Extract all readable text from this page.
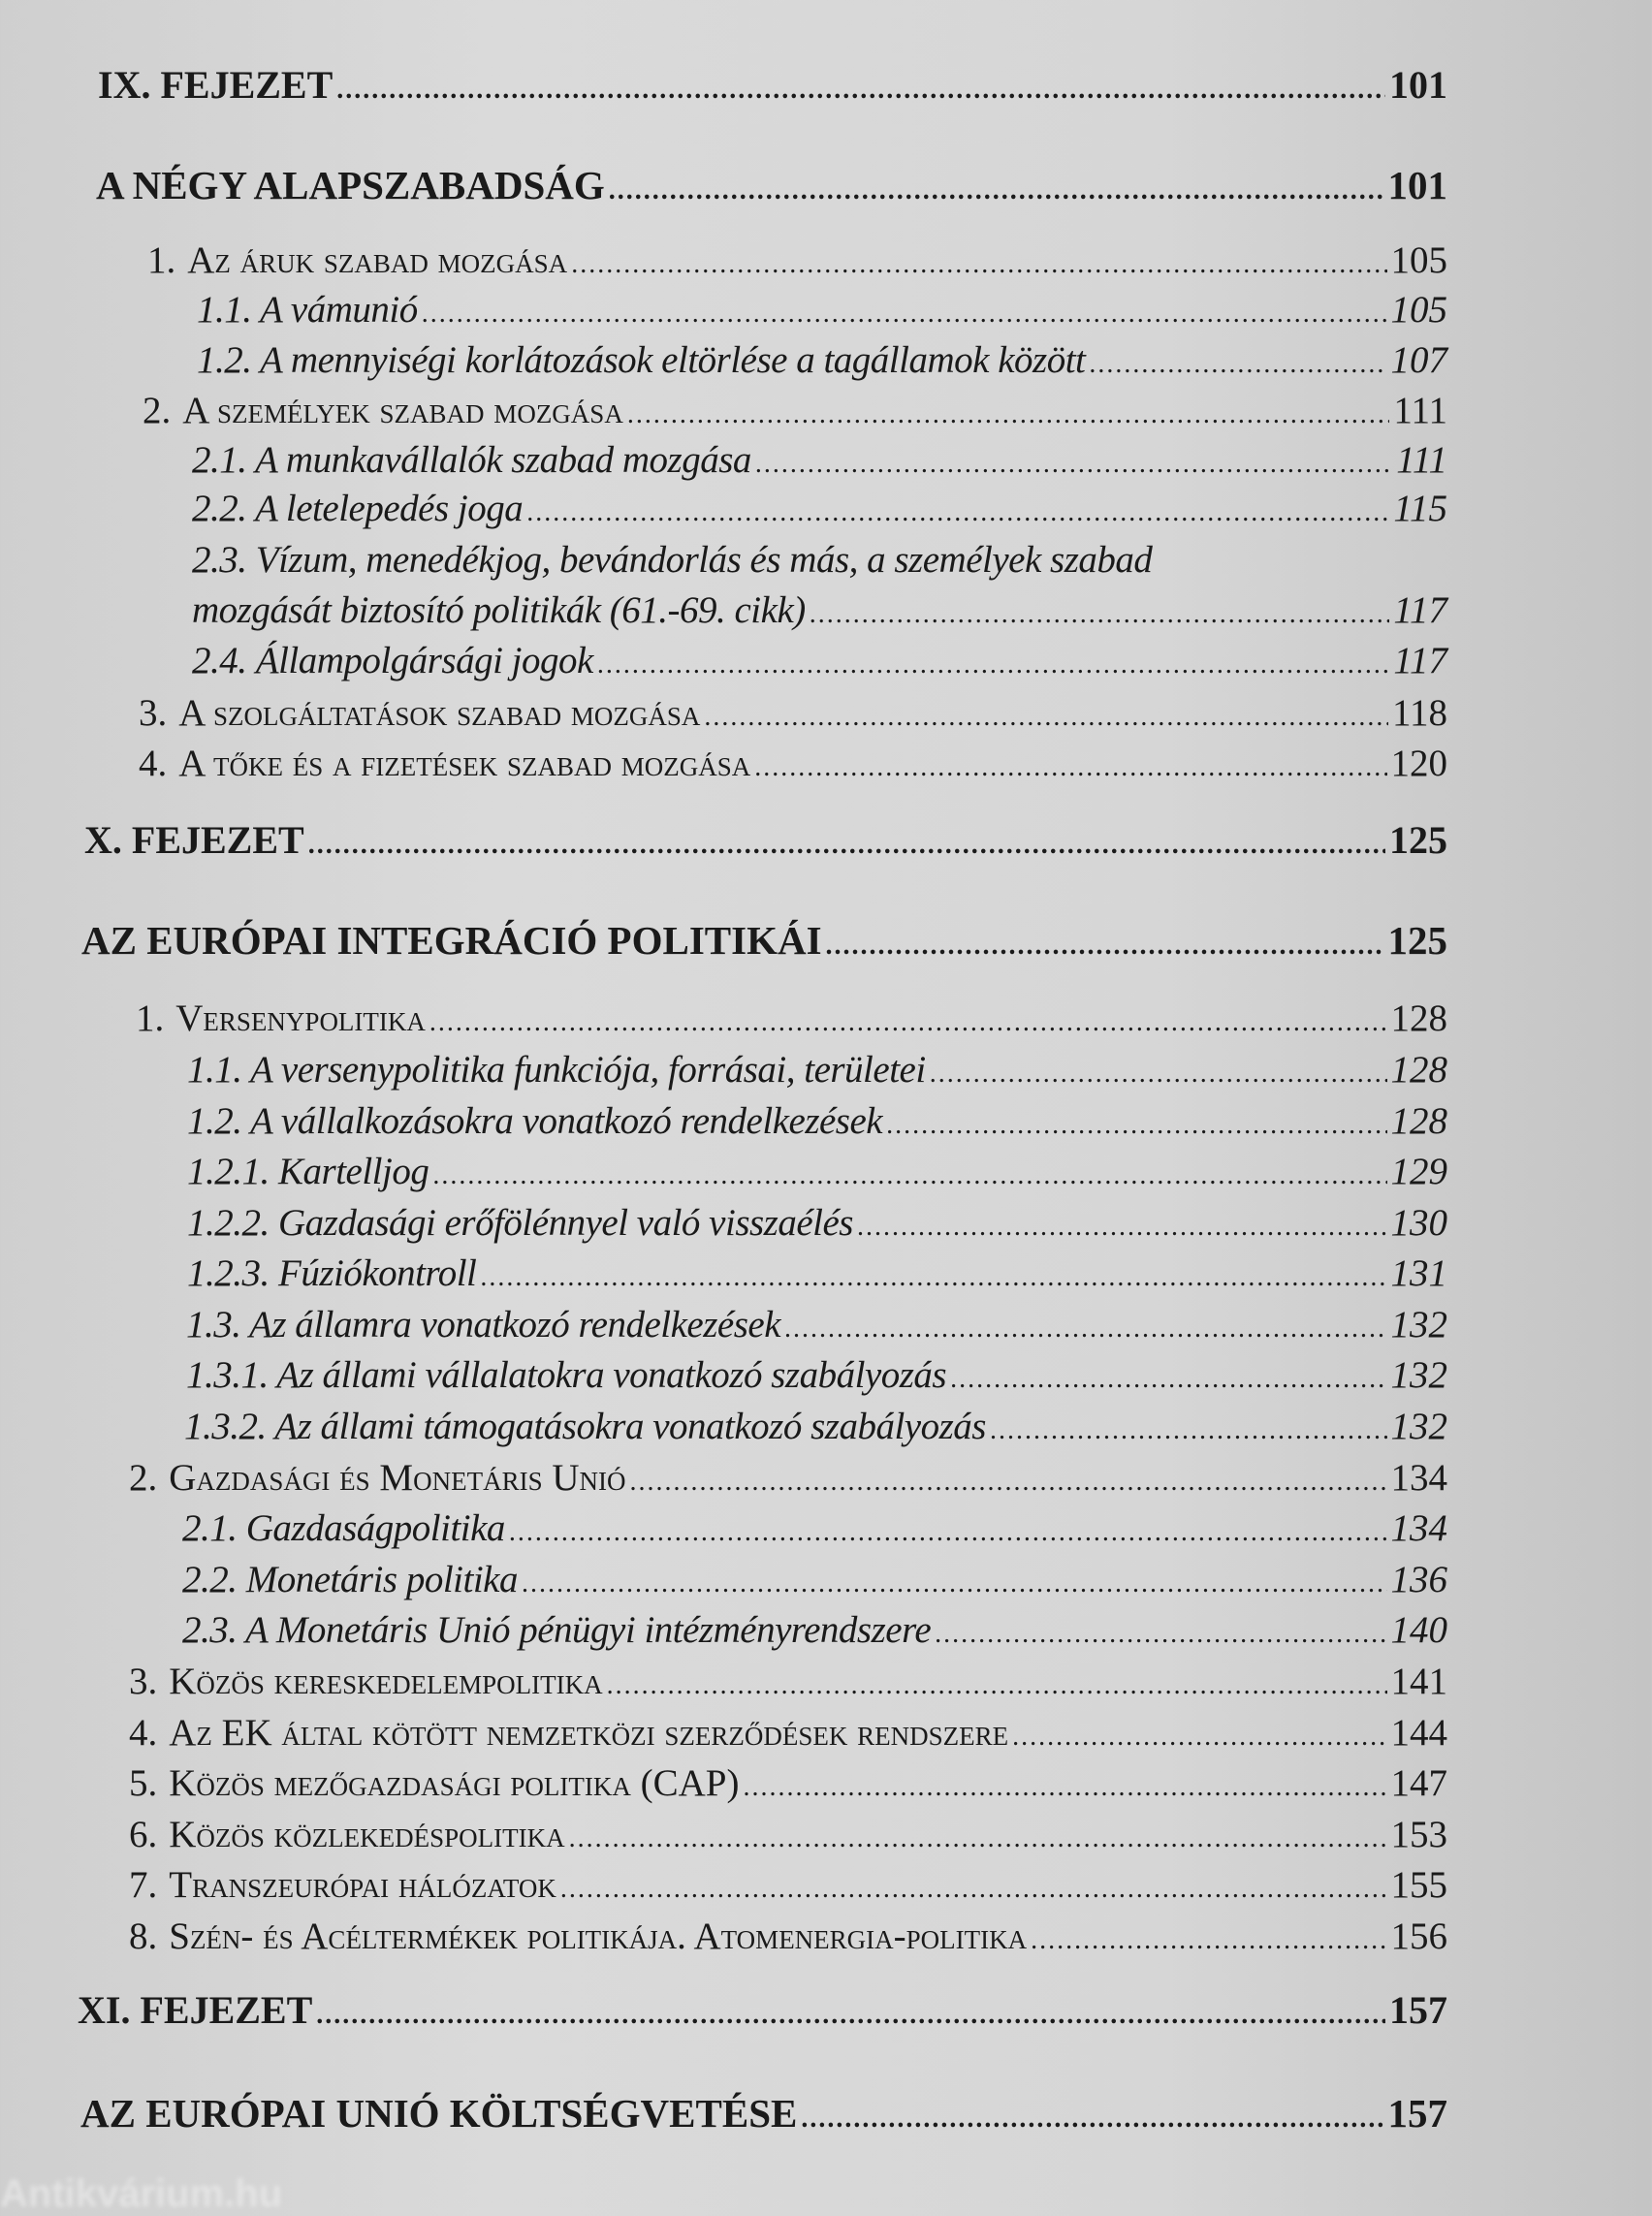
IX. FEJEZET .....	101
A NÉGY ALAPSZABADSÁG .....	101
1. Az áruk szabad mozgása .....	105
1.1. A vámunió .....	105
1.2. A mennyiségi korlátozások eltörlése a tagállamok között .....	107
2. A személyek szabad mozgása .....	111
2.1. A munkavállalók szabad mozgása .....	111
2.2. A letelepedés joga .....	115
2.3. Vízum, menedékjog, bevándorlás és más, a személyek szabad
mozgását biztosító politikák (61.-69. cikk) .....	117
2.4. Állampolgársági jogok .....	117
3. A szolgáltatások szabad mozgása .....	118
4. A tőke és a fizetések szabad mozgása .....	120
X. FEJEZET .....	125
AZ EURÓPAI INTEGRÁCIÓ POLITIKÁI .....	125
1. Versenypolitika .....	128
1.1. A versenypolitika funkciója, forrásai, területei .....	128
1.2. A vállalkozásokra vonatkozó rendelkezések .....	128
1.2.1. Kartelljog .....	129
1.2.2. Gazdasági erőfölénnyel való visszaélés .....	130
1.2.3. Fúziókontroll .....	131
1.3. Az államra vonatkozó rendelkezések .....	132
1.3.1. Az állami vállalatokra vonatkozó szabályozás .....	132
1.3.2. Az állami támogatásokra vonatkozó szabályozás .....	132
2. Gazdasági és Monetáris Unió .....	134
2.1. Gazdaságpolitika .....	134
2.2. Monetáris politika .....	136
2.3. A Monetáris Unió pénügyi intézményrendszere .....	140
3. Közös kereskedelempolitika .....	141
4. Az EK által kötött nemzetközi szerződések rendszere .....	144
5. Közös mezőgazdasági politika (CAP) .....	147
6. Közös közlekedéspolitika .....	153
7. Transzeurópai hálózatok .....	155
8. Szén- és Acéltermékek politikája. Atomenergia-politika .....	156
XI. FEJEZET .....	157
AZ EURÓPAI UNIÓ KÖLTSÉGVETÉSE .....	157
Antikvárium.hu
